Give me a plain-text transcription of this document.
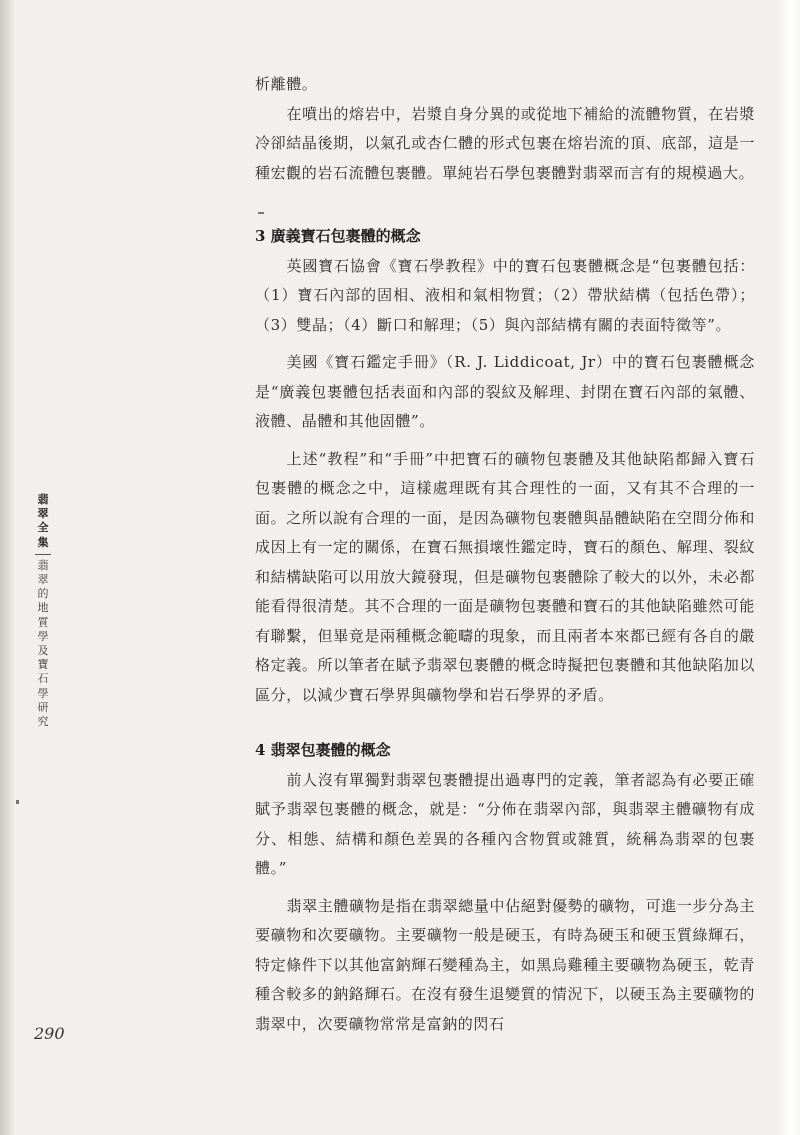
析離體。

在噴出的熔岩中，岩漿自身分異的或從地下補給的流體物質，在岩漿冷卻結晶後期，以氣孔或杏仁體的形式包裹在熔岩流的頂、底部，這是一種宏觀的岩石流體包裹體。單純岩石學包裹體對翡翠而言有的規模過大。

3 廣義寶石包裹體的概念

英國寶石協會《寶石學教程》中的寶石包裹體概念是“包裹體包括：（1）寶石內部的固相、液相和氣相物質；（2）帶狀結構（包括色帶）；（3）雙晶；（4）斷口和解理；（5）與內部結構有關的表面特徵等”。

美國《寶石鑑定手冊》（R. J. Liddicoat, Jr）中的寶石包裹體概念是“廣義包裹體包括表面和內部的裂紋及解理、封閉在寶石內部的氣體、液體、晶體和其他固體”。

上述“教程”和“手冊”中把寶石的礦物包裹體及其他缺陷都歸入寶石包裹體的概念之中，這樣處理既有其合理性的一面，又有其不合理的一面。之所以說有合理的一面，是因為礦物包裹體與晶體缺陷在空間分佈和成因上有一定的關係，在寶石無損壞性鑑定時，寶石的顏色、解理、裂紋和結構缺陷可以用放大鏡發現，但是礦物包裹體除了較大的以外，未必都能看得很清楚。其不合理的一面是礦物包裹體和寶石的其他缺陷雖然可能有聯繫，但畢竟是兩種概念範疇的現象，而且兩者本來都已經有各自的嚴格定義。所以筆者在賦予翡翠包裹體的概念時擬把包裹體和其他缺陷加以區分，以減少寶石學界與礦物學和岩石學界的矛盾。

4 翡翠包裹體的概念

前人沒有單獨對翡翠包裹體提出過專門的定義，筆者認為有必要正確賦予翡翠包裹體的概念，就是：“分佈在翡翠內部，與翡翠主體礦物有成分、相態、結構和顏色差異的各種內含物質或雜質，統稱為翡翠的包裹體。”

翡翠主體礦物是指在翡翠總量中佔絕對優勢的礦物，可進一步分為主要礦物和次要礦物。主要礦物一般是硬玉，有時為硬玉和硬玉質綠輝石，特定條件下以其他富鈉輝石變種為主，如黑烏雞種主要礦物為硬玉，乾青種含較多的鈉鉻輝石。在沒有發生退變質的情況下，以硬玉為主要礦物的翡翠中，次要礦物常常是富鈉的閃石

翡
翠
全
集
翡
翠
的
地
質
學
及
寶
石
學
研
究
290
